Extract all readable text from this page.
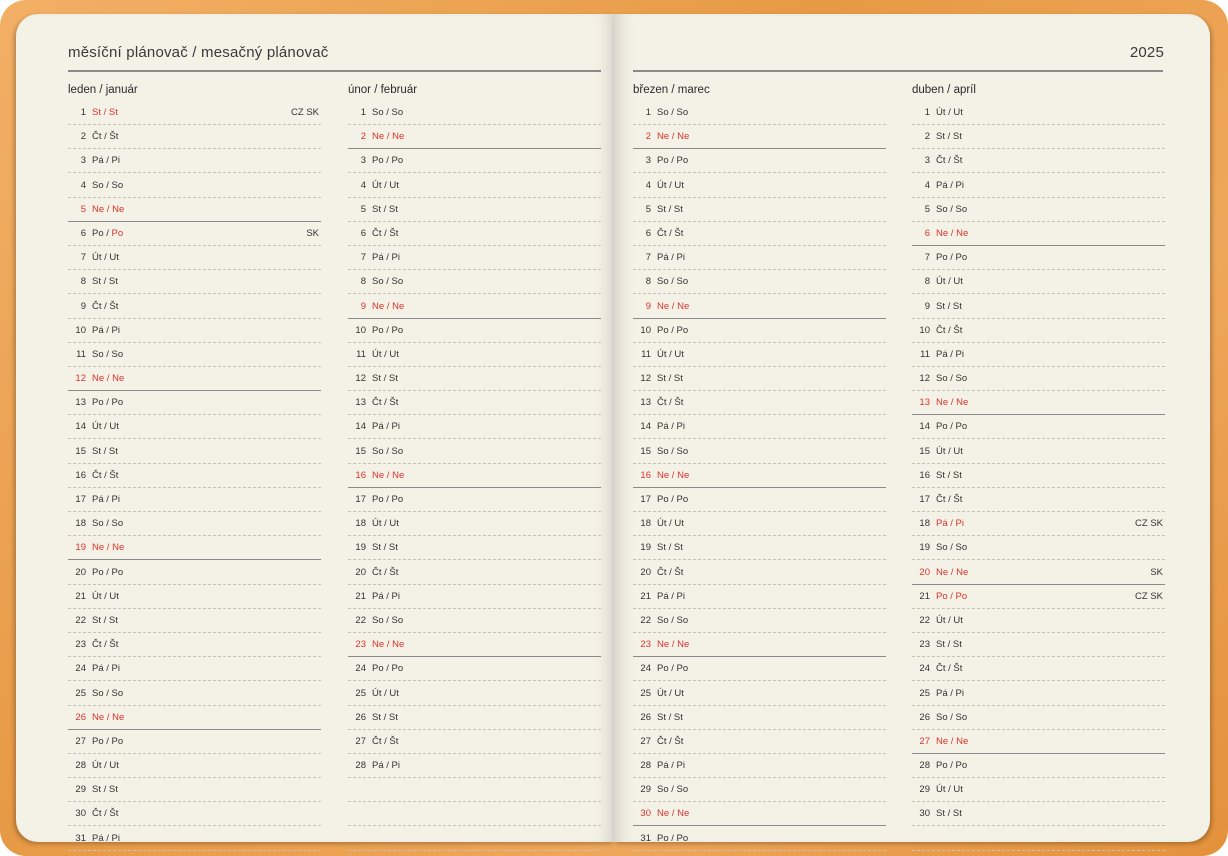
měsíční plánovač / mesačný plánovač
leden / január
1 St / St	CZ SK
2 Čt / Št
3 Pá / Pi
4 So / So
5 Ne / Ne
6 Po / Po	SK
7 Út / Ut
8 St / St
9 Čt / Št
10 Pá / Pi
11 So / So
12 Ne / Ne
13 Po / Po
14 Út / Ut
15 St / St
16 Čt / Št
17 Pá / Pi
18 So / So
19 Ne / Ne
20 Po / Po
21 Út / Ut
22 St / St
23 Čt / Št
24 Pá / Pi
25 So / So
26 Ne / Ne
27 Po / Po
28 Út / Ut
29 St / St
30 Čt / Št
31 Pá / Pi
únor / február
1 So / So
2 Ne / Ne
3 Po / Po
4 Út / Ut
5 St / St
6 Čt / Št
7 Pá / Pi
8 So / So
9 Ne / Ne
10 Po / Po
11 Út / Ut
12 St / St
13 Čt / Št
14 Pá / Pi
15 So / So
16 Ne / Ne
17 Po / Po
18 Út / Ut
19 St / St
20 Čt / Št
21 Pá / Pi
22 So / So
23 Ne / Ne
24 Po / Po
25 Út / Ut
26 St / St
27 Čt / Št
28 Pá / Pi
2025
březen / marec
1 So / So
2 Ne / Ne
3 Po / Po
4 Út / Ut
5 St / St
6 Čt / Št
7 Pá / Pi
8 So / So
9 Ne / Ne
10 Po / Po
11 Út / Ut
12 St / St
13 Čt / Št
14 Pá / Pi
15 So / So
16 Ne / Ne
17 Po / Po
18 Út / Ut
19 St / St
20 Čt / Št
21 Pá / Pi
22 So / So
23 Ne / Ne
24 Po / Po
25 Út / Ut
26 St / St
27 Čt / Št
28 Pá / Pi
29 So / So
30 Ne / Ne
31 Po / Po
duben / apríl
1 Út / Ut
2 St / St
3 Čt / Št
4 Pá / Pi
5 So / So
6 Ne / Ne
7 Po / Po
8 Út / Ut
9 St / St
10 Čt / Št
11 Pá / Pi
12 So / So
13 Ne / Ne
14 Po / Po
15 Út / Ut
16 St / St
17 Čt / Št
18 Pá / Pi	CZ SK
19 So / So
20 Ne / Ne	SK
21 Po / Po	CZ SK
22 Út / Ut
23 St / St
24 Čt / Št
25 Pá / Pi
26 So / So
27 Ne / Ne
28 Po / Po
29 Út / Ut
30 St / St
